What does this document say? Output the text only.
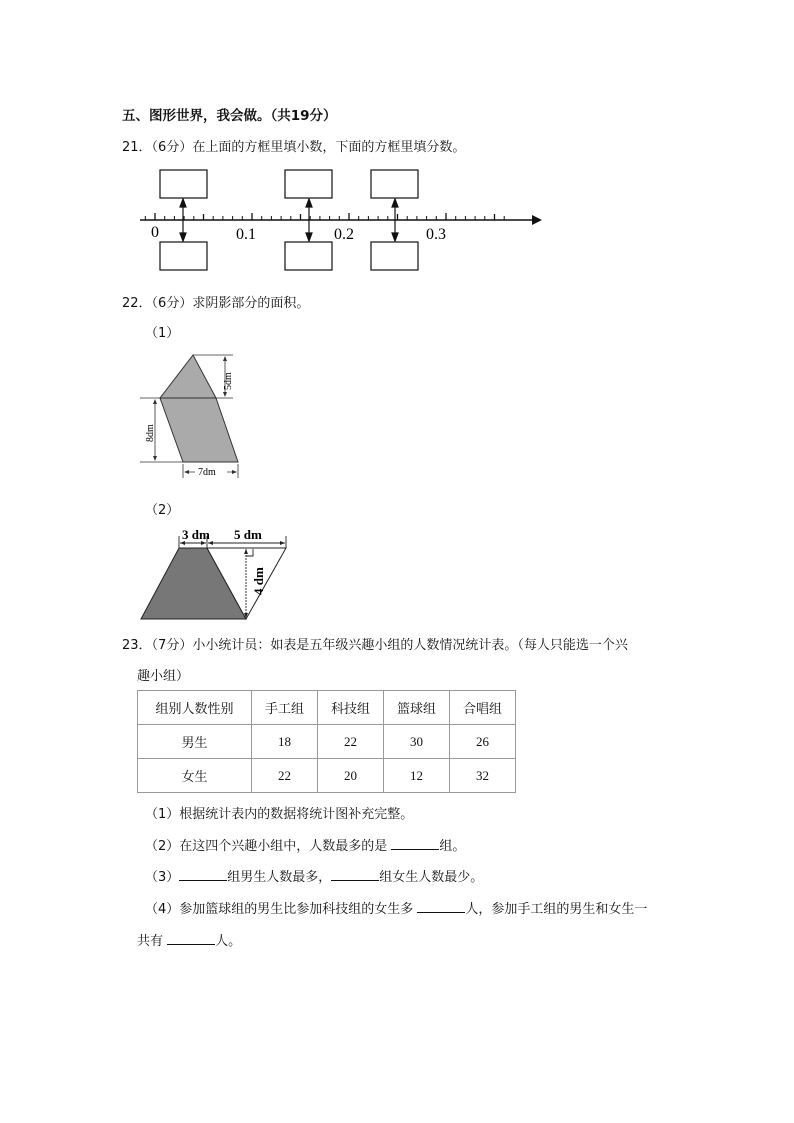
五、图形世界，我会做。（共19分）
21．（6分）在上面的方框里填小数，下面的方框里填分数。
0	0.1	0.2	0.3
22．（6分）求阴影部分的面积。
（1）
5dm
8dm
7dm
（2）
3 dm 5 dm
4 dm
23．（7分）小小统计员：如表是五年级兴趣小组的人数情况统计表。（每人只能选一个兴
趣小组）
组别人数性别	手工组	科技组	篮球组	合唱组
男生	18	22	30	26
女生	22	20	12	32
（1）根据统计表内的数据将统计图补充完整。
（2）在这四个兴趣小组中，人数最多的是	组。
（3）	组男生人数最多，	组女生人数最少。
（4）参加篮球组的男生比参加科技组的女生多	人，参加手工组的男生和女生一
共有	人。
